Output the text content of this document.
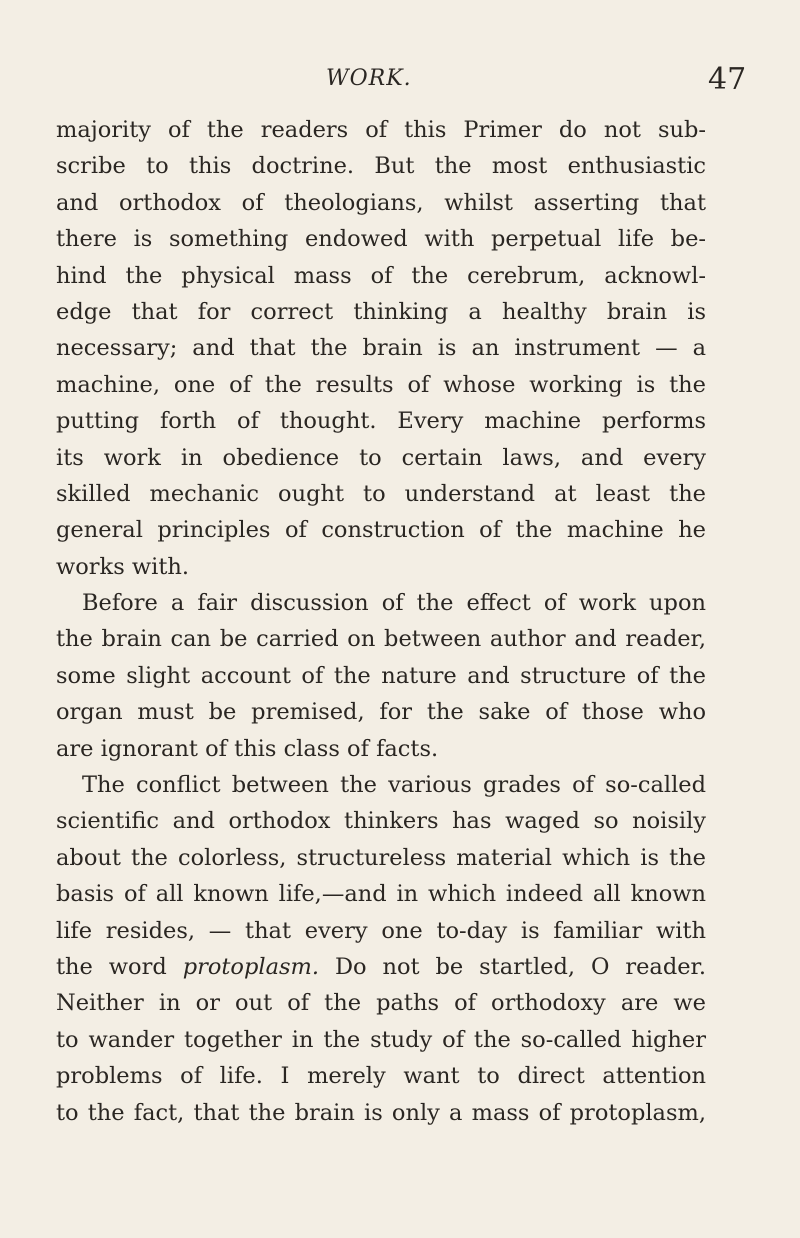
WORK.	47
majority of the readers of this Primer do not sub-
scribe to this doctrine. But the most enthusiastic
and orthodox of theologians, whilst asserting that
there is something endowed with perpetual life be-
hind the physical mass of the cerebrum, acknowl-
edge that for correct thinking a healthy brain is
necessary; and that the brain is an instrument — a
machine, one of the results of whose working is the
putting forth of thought. Every machine performs
its work in obedience to certain laws, and every
skilled mechanic ought to understand at least the
general principles of construction of the machine he
works with.
Before a fair discussion of the effect of work upon
the brain can be carried on between author and reader,
some slight account of the nature and structure of the
organ must be premised, for the sake of those who
are ignorant of this class of facts.
The conflict between the various grades of so-called
scientific and orthodox thinkers has waged so noisily
about the colorless, structureless material which is the
basis of all known life,—and in which indeed all known
life resides, — that every one to-day is familiar with
the word protoplasm. Do not be startled, O reader.
Neither in or out of the paths of orthodoxy are we
to wander together in the study of the so-called higher
problems of life. I merely want to direct attention
to the fact, that the brain is only a mass of protoplasm,
